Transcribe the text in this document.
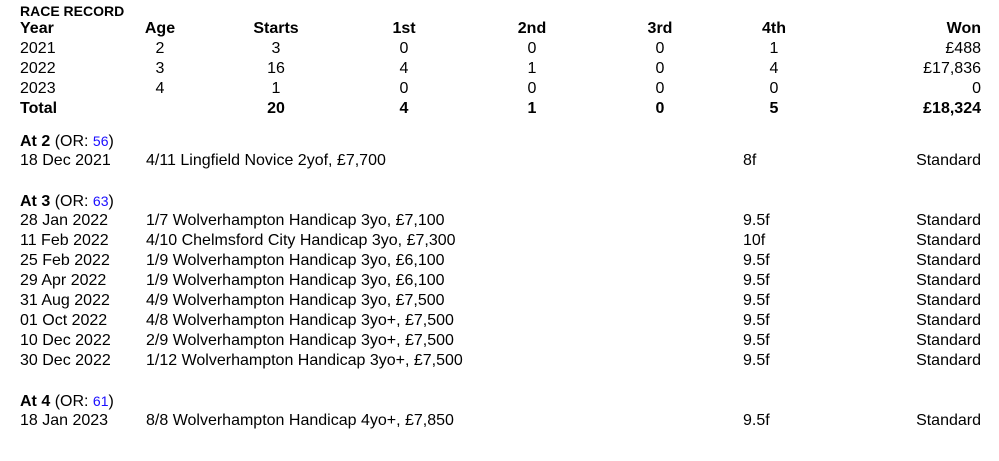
RACE RECORD
Year	Age	Starts	1st	2nd	3rd	4th	Won
2021	2	3	0	0	0	1	£488
2022	3	16	4	1	0	4	£17,836
2023	4	1	0	0	0	0	0
Total		20	4	1	0	5	£18,324
At 2 (OR: 56)
18 Dec 2021 4/11 Lingfield Novice 2yof, £7,700	8f	Standard
At 3 (OR: 63)
28 Jan 2022 1/7 Wolverhampton Handicap 3yo, £7,100	9.5f	Standard
11 Feb 2022 4/10 Chelmsford City Handicap 3yo, £7,300	10f	Standard
25 Feb 2022 1/9 Wolverhampton Handicap 3yo, £6,100	9.5f	Standard
29 Apr 2022 1/9 Wolverhampton Handicap 3yo, £6,100	9.5f	Standard
31 Aug 2022 4/9 Wolverhampton Handicap 3yo, £7,500	9.5f	Standard
01 Oct 2022 4/8 Wolverhampton Handicap 3yo+, £7,500	9.5f	Standard
10 Dec 2022 2/9 Wolverhampton Handicap 3yo+, £7,500	9.5f	Standard
30 Dec 2022 1/12 Wolverhampton Handicap 3yo+, £7,500	9.5f	Standard
At 4 (OR: 61)
18 Jan 2023 8/8 Wolverhampton Handicap 4yo+, £7,850	9.5f	Standard
